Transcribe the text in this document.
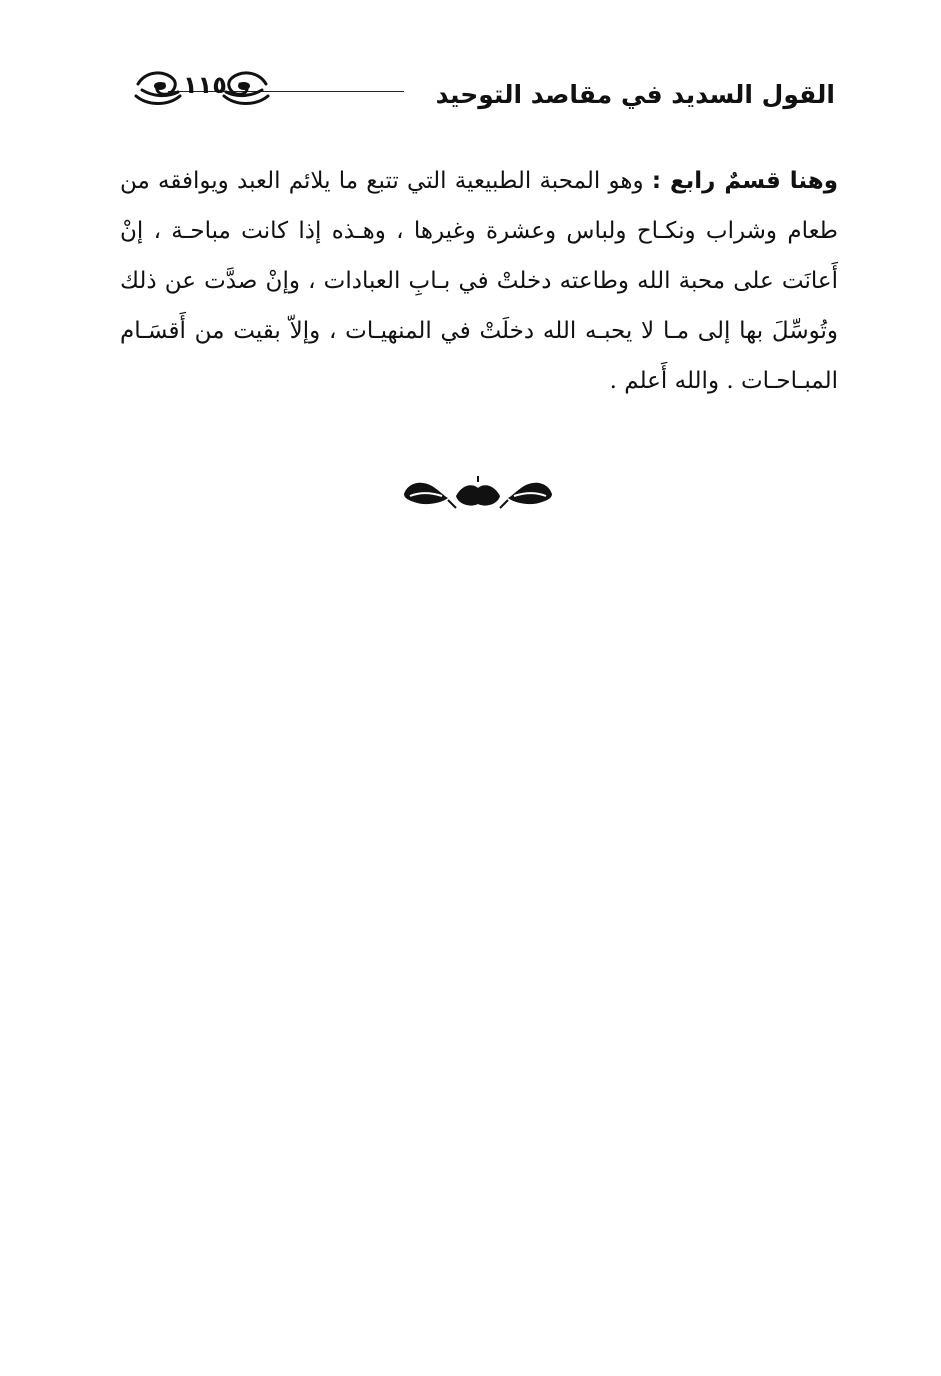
القول السديد في مقاصد التوحيد
١١٥
وهنا قسمٌ رابع : وهو المحبة الطبيعية التي تتبع ما يلائم العبد ويوافقه من طعام وشراب ونكـاح ولباس وعشرة وغيرها ، وهـذه إذا كانت مباحـة ، إنْ أَعانَت على محبة الله وطاعته دخلتْ في بـابِ العبادات ، وإنْ صدَّت عن ذلك وتُوسِّلَ بها إلى مـا لا يحبـه الله دخلَتْ في المنهيـات ، وإلاّ بقيت من أَقسَـام المبـاحـات . والله أَعلم .
